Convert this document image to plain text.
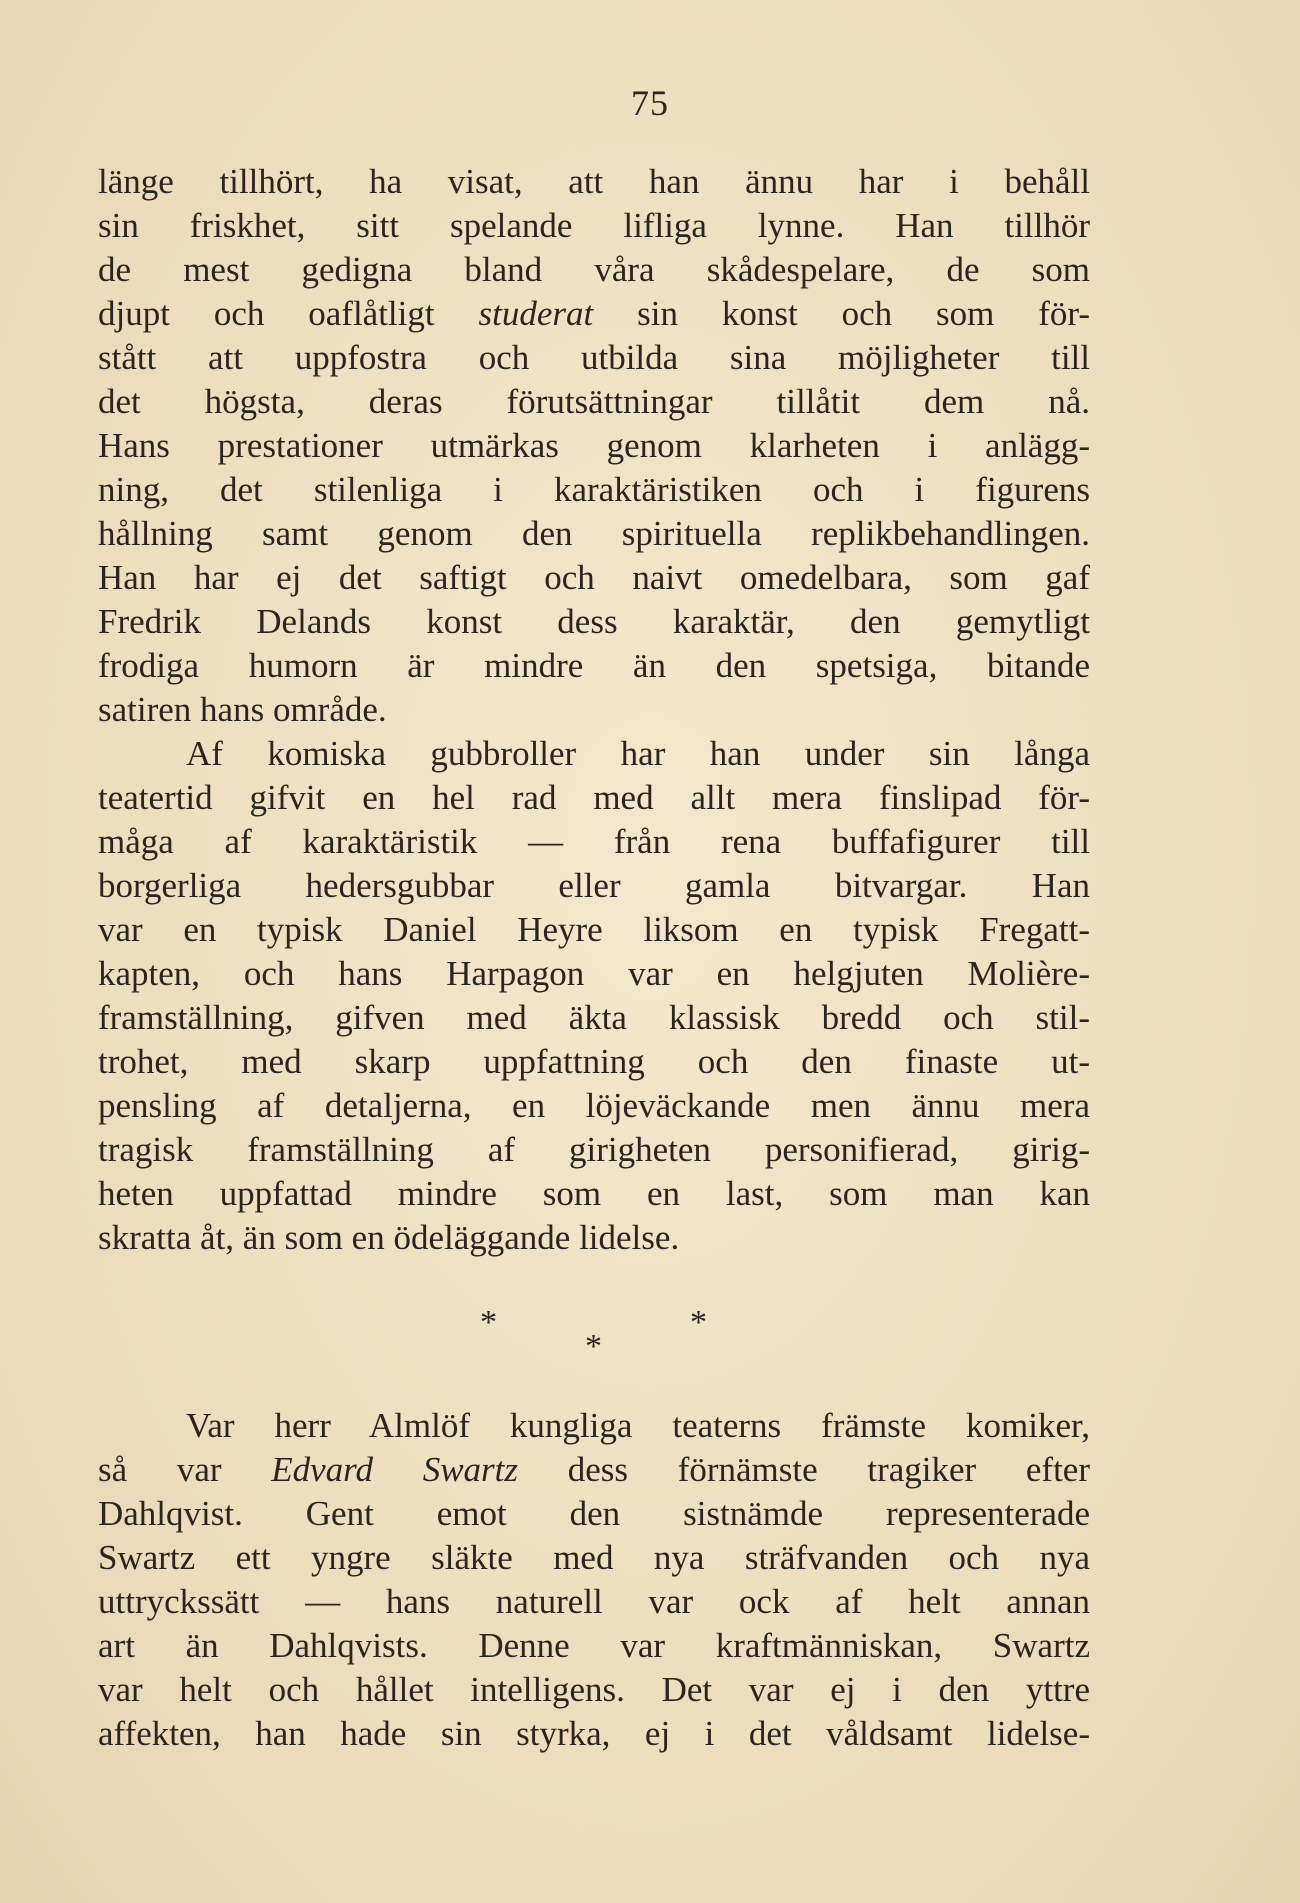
75
länge tillhört, ha visat, att han ännu har i behåll
sin friskhet, sitt spelande lifliga lynne. Han tillhör
de mest gedigna bland våra skådespelare, de som
djupt och oaflåtligt studerat sin konst och som för-
stått att uppfostra och utbilda sina möjligheter till
det högsta, deras förutsättningar tillåtit dem nå.
Hans prestationer utmärkas genom klarheten i anlägg-
ning, det stilenliga i karaktäristiken och i figurens
hållning samt genom den spirituella replikbehandlingen.
Han har ej det saftigt och naivt omedelbara, som gaf
Fredrik Delands konst dess karaktär, den gemytligt
frodiga humorn är mindre än den spetsiga, bitande
satiren hans område.
Af komiska gubbroller har han under sin långa
teatertid gifvit en hel rad med allt mera finslipad för-
måga af karaktäristik — från rena buffafigurer till
borgerliga hedersgubbar eller gamla bitvargar. Han
var en typisk Daniel Heyre liksom en typisk Fregatt-
kapten, och hans Harpagon var en helgjuten Molière-
framställning, gifven med äkta klassisk bredd och stil-
trohet, med skarp uppfattning och den finaste ut-
pensling af detaljerna, en löjeväckande men ännu mera
tragisk framställning af girigheten personifierad, girig-
heten uppfattad mindre som en last, som man kan
skratta åt, än som en ödeläggande lidelse.
*	*
*
Var herr Almlöf kungliga teaterns främste komiker,
så var Edvard Swartz dess förnämste tragiker efter
Dahlqvist. Gent emot den sistnämde representerade
Swartz ett yngre släkte med nya sträfvanden och nya
uttryckssätt — hans naturell var ock af helt annan
art än Dahlqvists. Denne var kraftmänniskan, Swartz
var helt och hållet intelligens. Det var ej i den yttre
affekten, han hade sin styrka, ej i det våldsamt lidelse-
